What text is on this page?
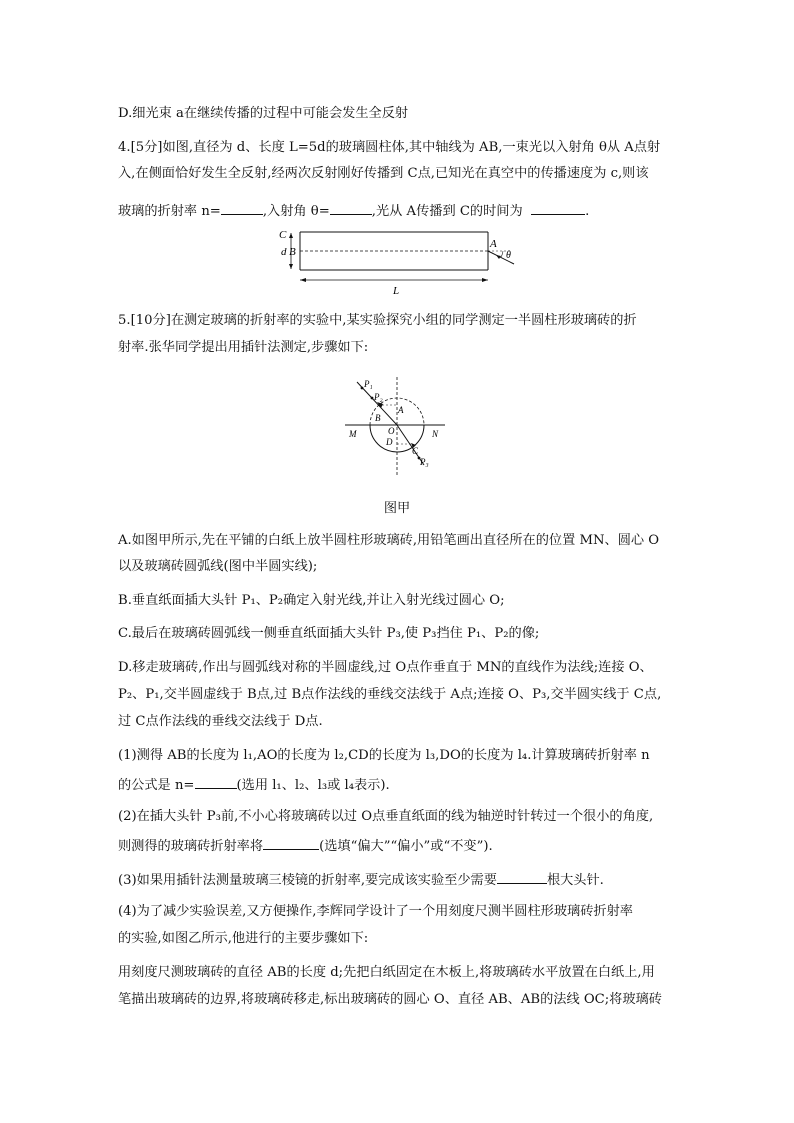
D.细光束 a在继续传播的过程中可能会发生全反射
4.[5分]如图,直径为 d、长度 L=5d的玻璃圆柱体,其中轴线为 AB,一束光以入射角 θ从 A点射
入,在侧面恰好发生全反射,经两次反射刚好传播到 C点,已知光在真空中的传播速度为 c,则该
玻璃的折射率 n=	,入射角 θ=	,光从 A传播到 C的时间为	.
C
d B
A
θ
L
5.[10分]在测定玻璃的折射率的实验中,某实验探究小组的同学测定一半圆柱形玻璃砖的折
射率.张华同学提出用插针法测定,步骤如下:
P₁
P₂
A
B
O
D
C
P₃
M	N
图甲
A.如图甲所示,先在平铺的白纸上放半圆柱形玻璃砖,用铅笔画出直径所在的位置 MN、圆心 O
以及玻璃砖圆弧线(图中半圆实线);
B.垂直纸面插大头针 P₁、P₂确定入射光线,并让入射光线过圆心 O;
C.最后在玻璃砖圆弧线一侧垂直纸面插大头针 P₃,使 P₃挡住 P₁、P₂的像;
D.移走玻璃砖,作出与圆弧线对称的半圆虚线,过 O点作垂直于 MN的直线作为法线;连接 O、
P₂、P₁,交半圆虚线于 B点,过 B点作法线的垂线交法线于 A点;连接 O、P₃,交半圆实线于 C点,
过 C点作法线的垂线交法线于 D点.
(1)测得 AB的长度为 l₁,AO的长度为 l₂,CD的长度为 l₃,DO的长度为 l₄.计算玻璃砖折射率 n
的公式是 n=	(选用 l₁、l₂、l₃或 l₄表示).
(2)在插大头针 P₃前,不小心将玻璃砖以过 O点垂直纸面的线为轴逆时针转过一个很小的角度,
则测得的玻璃砖折射率将	(选填“偏大”“偏小”或“不变”).
(3)如果用插针法测量玻璃三棱镜的折射率,要完成该实验至少需要	根大头针.
(4)为了减少实验误差,又方便操作,李辉同学设计了一个用刻度尺测半圆柱形玻璃砖折射率
的实验,如图乙所示,他进行的主要步骤如下:
用刻度尺测玻璃砖的直径 AB的长度 d;先把白纸固定在木板上,将玻璃砖水平放置在白纸上,用
笔描出玻璃砖的边界,将玻璃砖移走,标出玻璃砖的圆心 O、直径 AB、AB的法线 OC;将玻璃砖
